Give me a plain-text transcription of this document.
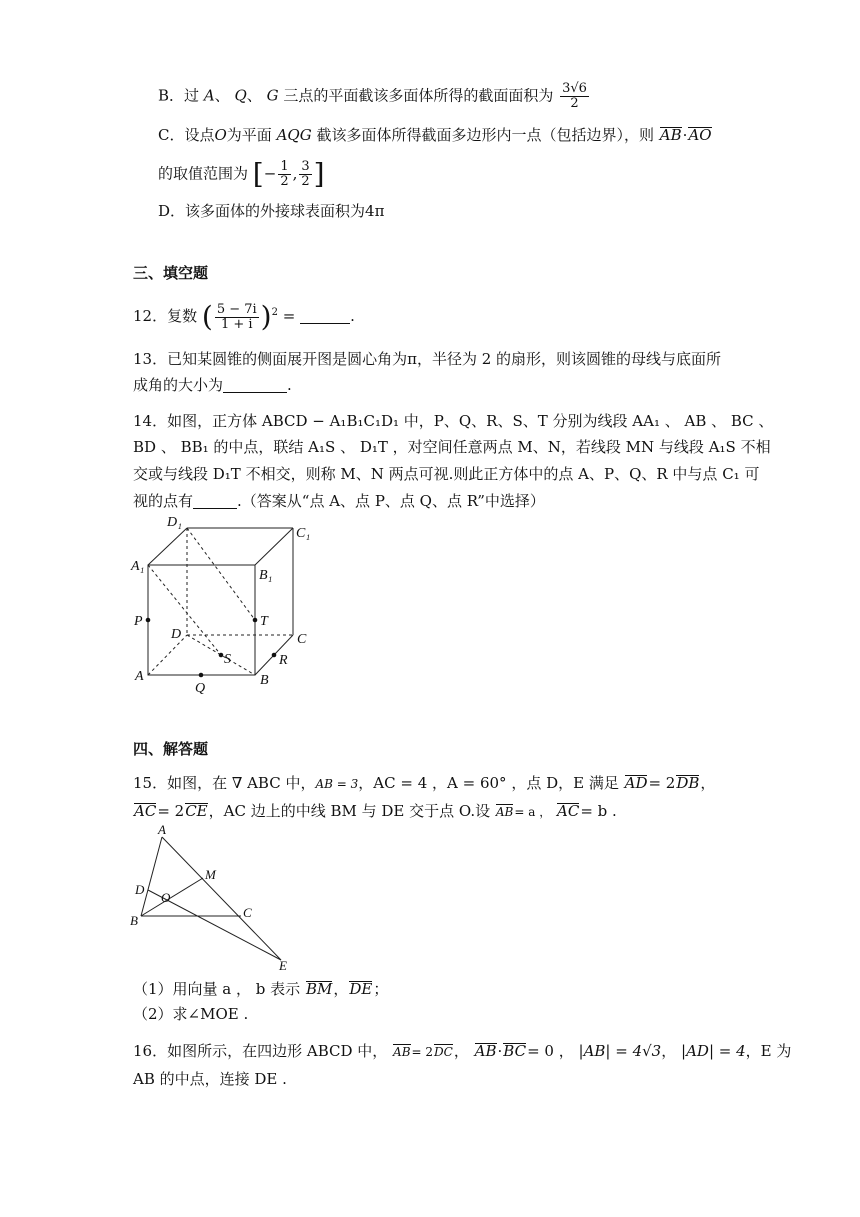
B．过 A、 Q、 G 三点的平面截该多面体所得的截面面积为 $\frac{3√6}{2}$
C．设点O为平面 AQG 截该多面体所得截面多边形内一点（包括边界），则 AB·AO
的取值范围为 [− $\frac{1}{2}$ , $\frac{3}{2}$ ]
D．该多面体的外接球表面积为4π
三、填空题
12．复数 ( $\frac{5 - 7i}{1 + i} )^2$ =	.
13．已知某圆锥的侧面展开图是圆心角为π，半径为 2 的扇形，则该圆锥的母线与底面所
成角的大小为	.
14．如图，正方体 ABCD − A₁B₁C₁D₁ 中，P、Q、R、S、T 分别为线段 AA₁ 、 AB 、 BC 、
BD 、 BB₁ 的中点，联结 A₁S 、 D₁T ，对空间任意两点 M、N，若线段 MN 与线段 A₁S 不相
交或与线段 D₁T 不相交，则称 M、N 两点可视.则此正方体中的点 A、P、Q、R 中与点 C₁ 可
视的点有	.（答案从“点 A、点 P、点 Q、点 R”中选择）
D₁
C₁
A₁
B₁
P	T
D	C
S	R
A
Q
B
四、解答题
15．如图，在 ∇ ABC 中，AB = 3，AC = 4 ，A = 60° ，点 D，E 满足 AD= 2DB，
AC= 2CE，AC 边上的中线 BM 与 DE 交于点 O.设 AB= a ， AC= b .
A
M
D
O
B
C
E
（1）用向量 a ， b 表示 BM，DE；
（2）求∠MOE .
16．如图所示，在四边形 ABCD 中， AB= 2DC， AB·BC= 0 ， |AB| = 4√3， |AD| = 4，E 为
AB 的中点，连接 DE .
